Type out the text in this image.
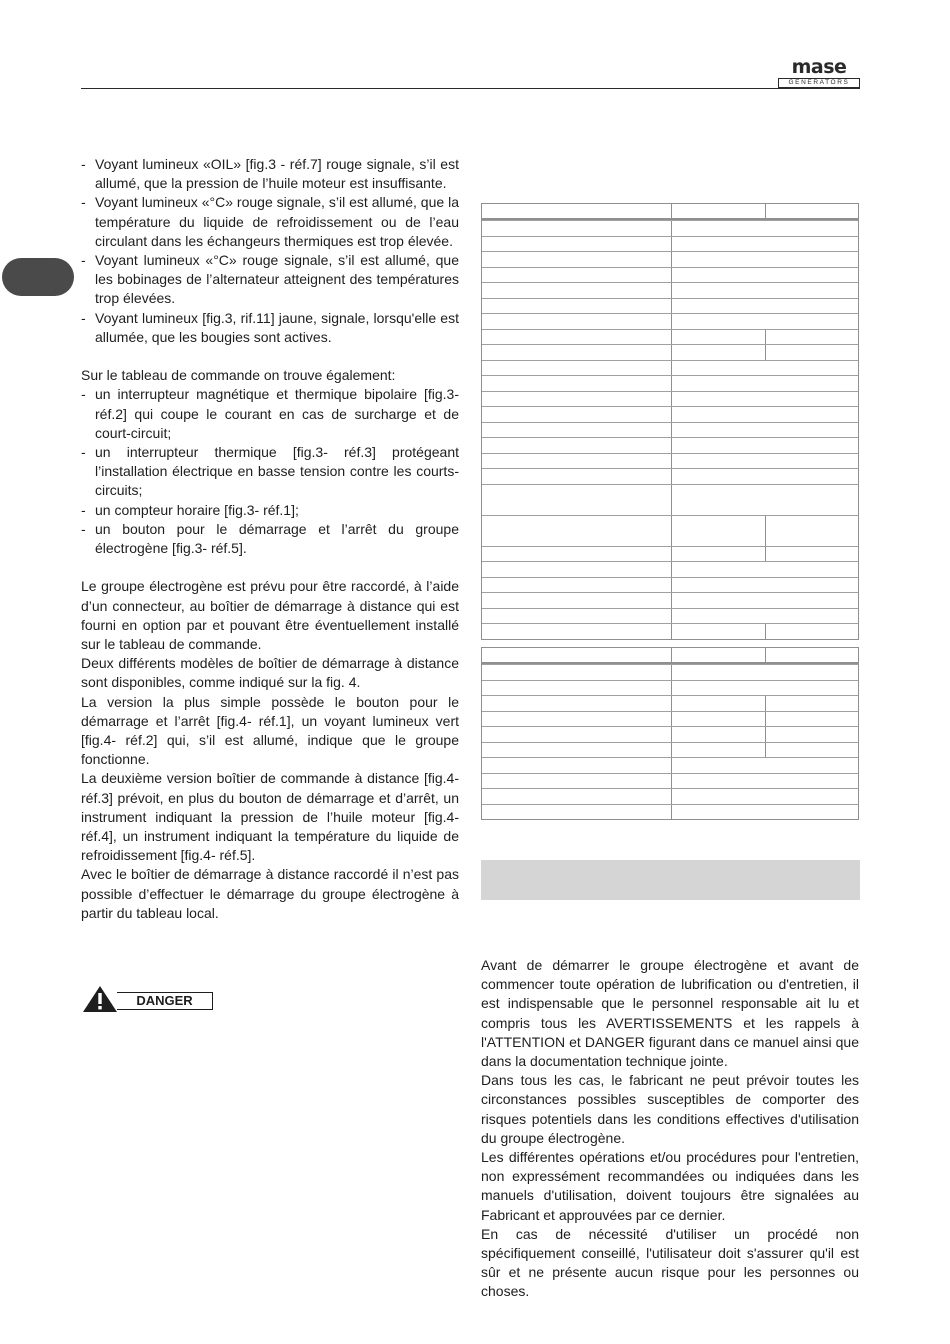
mase
GENERATORS
- Voyant lumineux «OIL» [fig.3 - réf.7] rouge signale, s’il est allumé, que la pression de l’huile moteur est insuffisante.
- Voyant lumineux «°C» rouge signale, s’il est allumé, que la température du liquide de refroidissement ou de l’eau circulant dans les échangeurs thermiques est trop élevée.
- Voyant lumineux «°C» rouge signale, s’il est allumé, que les bobinages de l’alternateur atteignent des températures trop élevées.
- Voyant lumineux [fig.3, rif.11] jaune, signale, lorsqu'elle est allumée, que les bougies sont actives.

Sur le tableau de commande on trouve également:

- un interrupteur magnétique et thermique bipolaire [fig.3- réf.2] qui coupe le courant en cas de surcharge et de court-circuit;
- un interrupteur thermique [fig.3- réf.3] protégeant l’installation électrique en basse tension contre les courts-circuits;
- un compteur horaire [fig.3- réf.1];
- un bouton pour le démarrage et l’arrêt du groupe électrogène [fig.3- réf.5].

Le groupe électrogène est prévu pour être raccordé, à l’aide d’un connecteur, au boîtier de démarrage à distance qui est fourni en option par et pouvant être éventuellement installé sur le tableau de commande.

Deux différents modèles de boîtier de démarrage à distance sont disponibles, comme indiqué sur la fig. 4.

La version la plus simple possède le bouton pour le démarrage et l’arrêt [fig.4- réf.1], un voyant lumineux vert [fig.4- réf.2] qui, s’il est allumé, indique que le groupe fonctionne.

La deuxième version boîtier de commande à distance [fig.4- réf.3] prévoit, en plus du bouton de démarrage et d’arrêt, un instrument indiquant la pression de l’huile moteur [fig.4- réf.4], un instrument indiquant la température du liquide de refroidissement [fig.4- réf.5].

Avec le boîtier de démarrage à distance raccordé il n’est pas possible d’effectuer le démarrage du groupe électrogène à partir du tableau local.

DANGER

Avant de démarrer le groupe électrogène et avant de commencer toute opération de lubrification ou d'entretien, il est indispensable que le personnel responsable ait lu et compris tous les AVERTISSEMENTS et les rappels à l'ATTENTION et DANGER figurant dans ce manuel ainsi que dans la documentation technique jointe.

Dans tous les cas, le fabricant ne peut prévoir toutes les circonstances possibles susceptibles de comporter des risques potentiels dans les conditions effectives d'utilisation du groupe électrogène.

Les différentes opérations et/ou procédures pour l'entretien, non expressément recommandées ou indiquées dans les manuels d'utilisation, doivent toujours être signalées au Fabricant et approuvées par ce dernier.

En cas de nécessité d'utiliser un procédé non spécifiquement conseillé, l'utilisateur doit s'assurer qu'il est sûr et ne présente aucun risque pour les personnes ou choses.
